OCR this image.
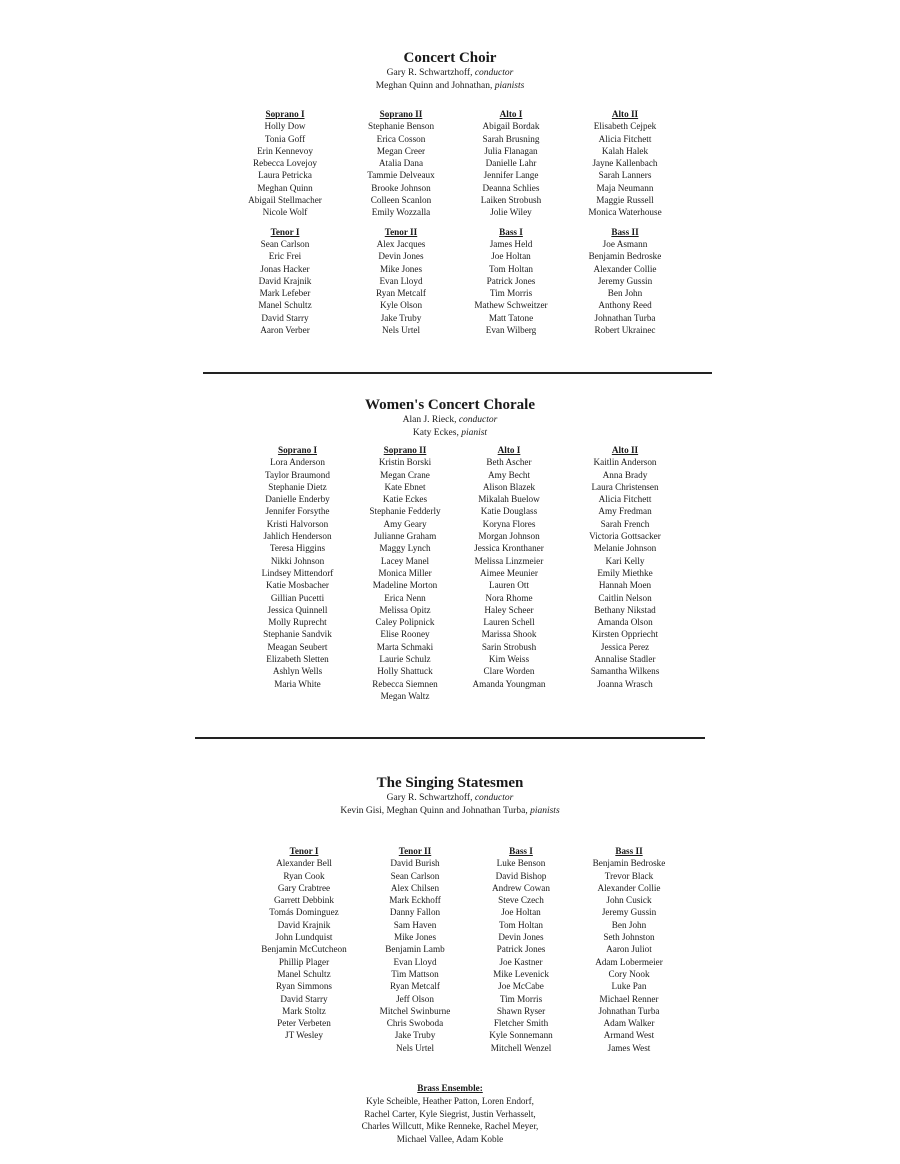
Concert Choir
Gary R. Schwartzhoff, conductor
Meghan Quinn and Johnathan, pianists
Soprano I
Holly Dow
Tonia Goff
Erin Kennevoy
Rebecca Lovejoy
Laura Petricka
Meghan Quinn
Abigail Stellmacher
Nicole Wolf
Tenor I
Sean Carlson
Eric Frei
Jonas Hacker
David Krajnik
Mark Lefeber
Manel Schultz
David Starry
Aaron Verber
Soprano II
Stephanie Benson
Erica Cosson
Megan Creer
Atalia Dana
Tammie Delveaux
Brooke Johnson
Colleen Scanlon
Emily Wozzalla
Tenor II
Alex Jacques
Devin Jones
Mike Jones
Evan Lloyd
Ryan Metcalf
Kyle Olson
Jake Truby
Nels Urtel
Alto I
Abigail Bordak
Sarah Brusning
Julia Flanagan
Danielle Lahr
Jennifer Lange
Deanna Schlies
Laiken Strobush
Jolie Wiley
Bass I
James Held
Joe Holtan
Tom Holtan
Patrick Jones
Tim Morris
Mathew Schweitzer
Matt Tatone
Evan Wilberg
Alto II
Elisabeth Cejpek
Alicia Fitchett
Kalah Halek
Jayne Kallenbach
Sarah Lanners
Maja Neumann
Maggie Russell
Monica Waterhouse
Bass II
Joe Asmann
Benjamin Bedroske
Alexander Collie
Jeremy Gussin
Ben John
Anthony Reed
Johnathan Turba
Robert Ukrainec
Women's Concert Chorale
Alan J. Rieck, conductor
Katy Eckes, pianist
Soprano I
Lora Anderson
Taylor Braumond
Stephanie Dietz
Danielle Enderby
Jennifer Forsythe
Kristi Halvorson
Jahlich Henderson
Teresa Higgins
Nikki Johnson
Lindsey Mittendorf
Katie Mosbacher
Gillian Pucetti
Jessica Quinnell
Molly Ruprecht
Stephanie Sandvik
Meagan Seubert
Elizabeth Sletten
Ashlyn Wells
Maria White
Soprano II
Kristin Borski
Megan Crane
Kate Ebnet
Katie Eckes
Stephanie Fedderly
Amy Geary
Julianne Graham
Maggy Lynch
Lacey Manel
Monica Miller
Madeline Morton
Erica Nenn
Melissa Opitz
Caley Polipnick
Elise Rooney
Marta Schmaki
Laurie Schulz
Holly Shattuck
Rebecca Siemnen
Megan Waltz
Alto I
Beth Ascher
Amy Becht
Alison Blazek
Mikalah Buelow
Katie Douglass
Koryna Flores
Morgan Johnson
Jessica Kronthaner
Melissa Linzmeier
Aimee Meunier
Lauren Ott
Nora Rhome
Haley Scheer
Lauren Schell
Marissa Shook
Sarin Strobush
Kim Weiss
Clare Worden
Amanda Youngman
Alto II
Kaitlin Anderson
Anna Brady
Laura Christensen
Alicia Fitchett
Amy Fredman
Sarah French
Victoria Gottsacker
Melanie Johnson
Kari Kelly
Emily Miethke
Hannah Moen
Caitlin Nelson
Bethany Nikstad
Amanda Olson
Kirsten Oppriecht
Jessica Perez
Annalise Stadler
Samantha Wilkens
Joanna Wrasch
The Singing Statesmen
Gary R. Schwartzhoff, conductor
Kevin Gisi, Meghan Quinn and Johnathan Turba, pianists
Tenor I
Alexander Bell
Ryan Cook
Gary Crabtree
Garrett Debbink
Tomás Dominguez
David Krajnik
John Lundquist
Benjamin McCutcheon
Phillip Plager
Manel Schultz
Ryan Simmons
David Starry
Mark Stoltz
Peter Verbeten
JT Wesley
Tenor II
David Burish
Sean Carlson
Alex Chilsen
Mark Eckhoff
Danny Fallon
Sam Haven
Mike Jones
Benjamin Lamb
Evan Lloyd
Tim Mattson
Ryan Metcalf
Jeff Olson
Mitchel Swinburne
Chris Swoboda
Jake Truby
Nels Urtel
Bass I
Luke Benson
David Bishop
Andrew Cowan
Steve Czech
Joe Holtan
Tom Holtan
Devin Jones
Patrick Jones
Joe Kastner
Mike Levenick
Joe McCabe
Tim Morris
Shawn Ryser
Fletcher Smith
Kyle Sonnemann
Mitchell Wenzel
Bass II
Benjamin Bedroske
Trevor Black
Alexander Collie
John Cusick
Jeremy Gussin
Ben John
Seth Johnston
Aaron Juliot
Adam Lobermeier
Cory Nook
Luke Pan
Michael Renner
Johnathan Turba
Adam Walker
Armand West
James West
Brass Ensemble:
Kyle Scheible, Heather Patton, Loren Endorf,
Rachel Carter, Kyle Siegrist, Justin Verhasselt,
Charles Willcutt, Mike Renneke, Rachel Meyer,
Michael Vallee, Adam Koble
